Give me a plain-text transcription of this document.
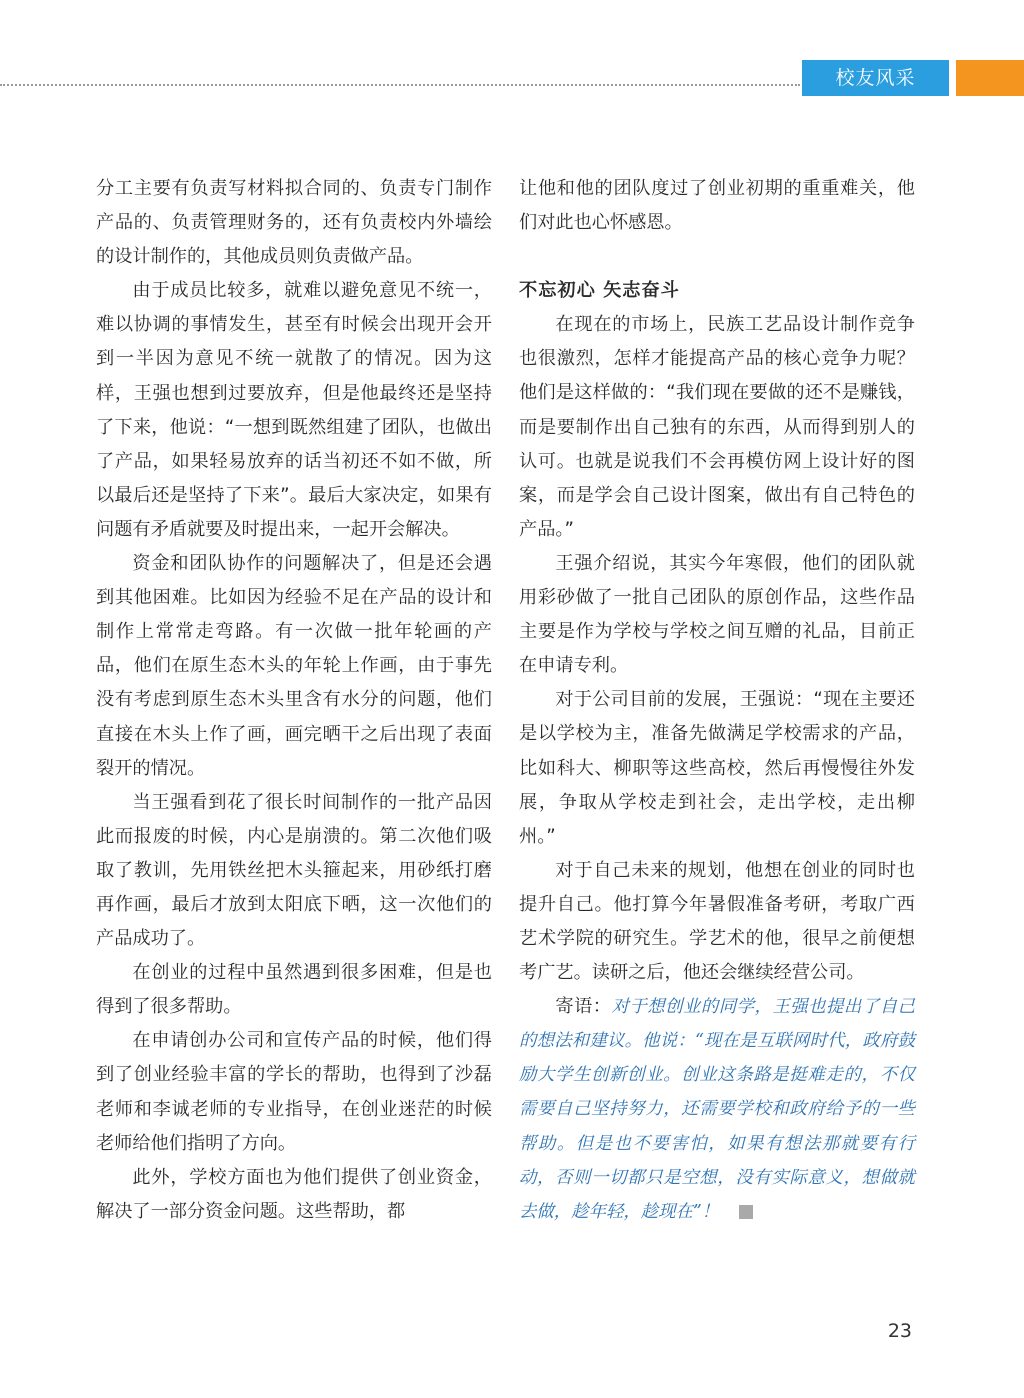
校友风采

分工主要有负责写材料拟合同的、负责专门制作产品的、负责管理财务的，还有负责校内外墙绘的设计制作的，其他成员则负责做产品。

由于成员比较多，就难以避免意见不统一，难以协调的事情发生，甚至有时候会出现开会开到一半因为意见不统一就散了的情况。因为这样，王强也想到过要放弃，但是他最终还是坚持了下来，他说：“一想到既然组建了团队，也做出了产品，如果轻易放弃的话当初还不如不做，所以最后还是坚持了下来”。最后大家决定，如果有问题有矛盾就要及时提出来，一起开会解决。

资金和团队协作的问题解决了，但是还会遇到其他困难。比如因为经验不足在产品的设计和制作上常常走弯路。有一次做一批年轮画的产品，他们在原生态木头的年轮上作画，由于事先没有考虑到原生态木头里含有水分的问题，他们直接在木头上作了画，画完晒干之后出现了表面裂开的情况。

当王强看到花了很长时间制作的一批产品因此而报废的时候，内心是崩溃的。第二次他们吸取了教训，先用铁丝把木头箍起来，用砂纸打磨再作画，最后才放到太阳底下晒，这一次他们的产品成功了。

在创业的过程中虽然遇到很多困难，但是也得到了很多帮助。

在申请创办公司和宣传产品的时候，他们得到了创业经验丰富的学长的帮助，也得到了沙磊老师和李诚老师的专业指导，在创业迷茫的时候老师给他们指明了方向。

此外，学校方面也为他们提供了创业资金，解决了一部分资金问题。这些帮助，都

让他和他的团队度过了创业初期的重重难关，他们对此也心怀感恩。

不忘初心 矢志奋斗

在现在的市场上，民族工艺品设计制作竞争也很激烈，怎样才能提高产品的核心竞争力呢？他们是这样做的：“我们现在要做的还不是赚钱，而是要制作出自己独有的东西，从而得到别人的认可。也就是说我们不会再模仿网上设计好的图案，而是学会自己设计图案，做出有自己特色的产品。”

王强介绍说，其实今年寒假，他们的团队就用彩砂做了一批自己团队的原创作品，这些作品主要是作为学校与学校之间互赠的礼品，目前正在申请专利。

对于公司目前的发展，王强说：“现在主要还是以学校为主，准备先做满足学校需求的产品，比如科大、柳职等这些高校，然后再慢慢往外发展，争取从学校走到社会，走出学校，走出柳州。”

对于自己未来的规划，他想在创业的同时也提升自己。他打算今年暑假准备考研，考取广西艺术学院的研究生。学艺术的他，很早之前便想考广艺。读研之后，他还会继续经营公司。

寄语：对于想创业的同学，王强也提出了自己的想法和建议。他说：“现在是互联网时代，政府鼓励大学生创新创业。创业这条路是挺难走的，不仅需要自己坚持努力，还需要学校和政府给予的一些帮助。但是也不要害怕，如果有想法那就要有行动，否则一切都只是空想，没有实际意义，想做就去做，趁年轻，趁现在”！

23
